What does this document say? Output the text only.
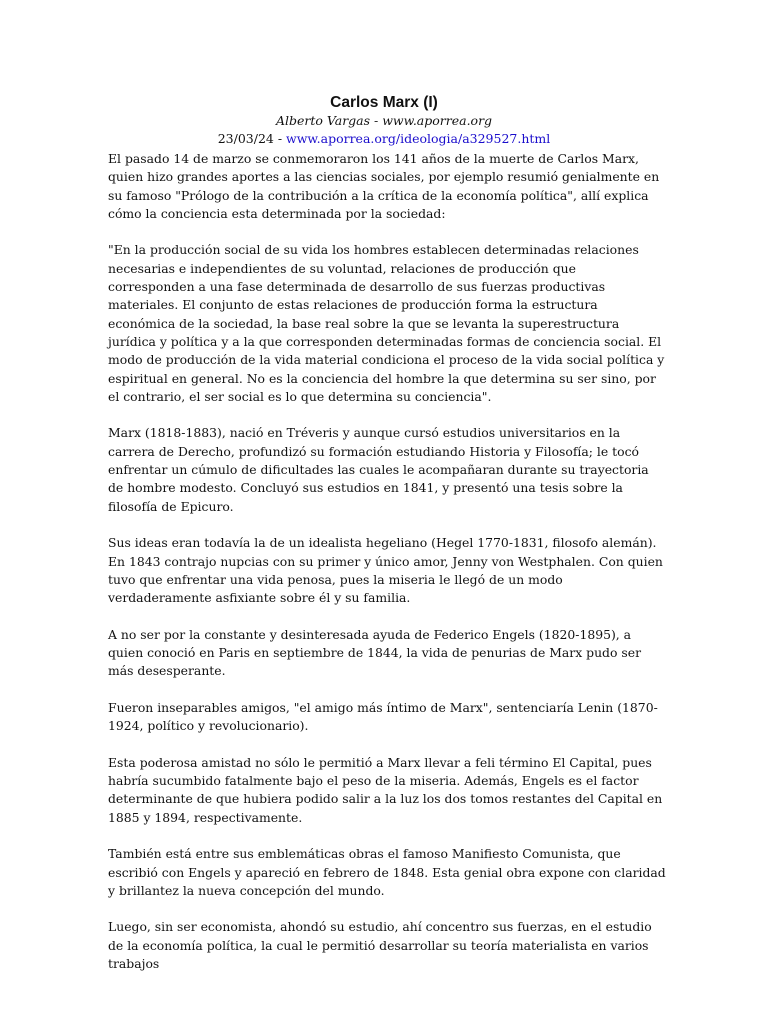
Carlos Marx (I)

Alberto Vargas - www.aporrea.org

23/03/24 - www.aporrea.org/ideologia/a329527.html

El pasado 14 de marzo se conmemoraron los 141 años de la muerte de Carlos Marx, quien hizo grandes aportes a las ciencias sociales, por ejemplo resumió genialmente en su famoso "Prólogo de la contribución a la crítica de la economía política", allí explica cómo la conciencia esta determinada por la sociedad:

"En la producción social de su vida los hombres establecen determinadas relaciones necesarias e independientes de su voluntad, relaciones de producción que corresponden a una fase determinada de desarrollo de sus fuerzas productivas materiales. El conjunto de estas relaciones de producción forma la estructura económica de la sociedad, la base real sobre la que se levanta la superestructura jurídica y política y a la que corresponden determinadas formas de conciencia social. El modo de producción de la vida material condiciona el proceso de la vida social política y espiritual en general. No es la conciencia del hombre la que determina su ser sino, por el contrario, el ser social es lo que determina su conciencia".

Marx (1818-1883), nació en Tréveris y aunque cursó estudios universitarios en la carrera de Derecho, profundizó su formación estudiando Historia y Filosofía; le tocó enfrentar un cúmulo de dificultades las cuales le acompañaran durante su trayectoria de hombre modesto. Concluyó sus estudios en 1841, y presentó una tesis sobre la filosofía de Epicuro.

Sus ideas eran todavía la de un idealista hegeliano (Hegel 1770-1831, filosofo alemán). En 1843 contrajo nupcias con su primer y único amor, Jenny von Westphalen. Con quien tuvo que enfrentar una vida penosa, pues la miseria le llegó de un modo verdaderamente asfixiante sobre él y su familia.

A no ser por la constante y desinteresada ayuda de Federico Engels (1820-1895), a quien conoció en Paris en septiembre de 1844, la vida de penurias de Marx pudo ser más desesperante.

Fueron inseparables amigos, "el amigo más íntimo de Marx", sentenciaría Lenin (1870-1924, político y revolucionario).

Esta poderosa amistad no sólo le permitió a Marx llevar a feli término El Capital, pues habría sucumbido fatalmente bajo el peso de la miseria. Además, Engels es el factor determinante de que hubiera podido salir a la luz los dos tomos restantes del Capital en 1885 y 1894, respectivamente.

También está entre sus emblemáticas obras el famoso Manifiesto Comunista, que escribió con Engels y apareció en febrero de 1848. Esta genial obra expone con claridad y brillantez la nueva concepción del mundo.

Luego, sin ser economista, ahondó su estudio, ahí concentro sus fuerzas, en el estudio de la economía política, la cual le permitió desarrollar su teoría materialista en varios trabajos
